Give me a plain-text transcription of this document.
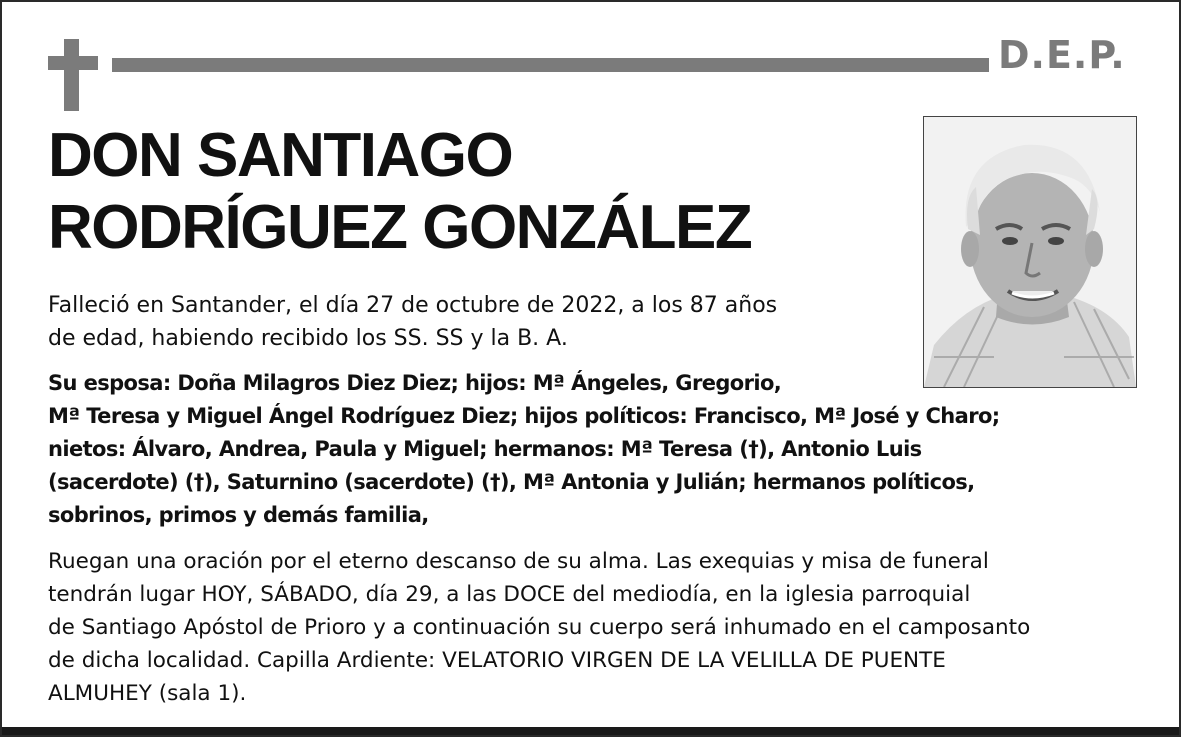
D.E.P.
DON SANTIAGO
RODRÍGUEZ GONZÁLEZ
Falleció en Santander, el día 27 de octubre de 2022, a los 87 años
de edad, habiendo recibido los SS. SS y la B. A.
Su esposa: Doña Milagros Diez Diez; hijos: Mª Ángeles, Gregorio,
Mª Teresa y Miguel Ángel Rodríguez Diez; hijos políticos: Francisco, Mª José y Charo;
nietos: Álvaro, Andrea, Paula y Miguel; hermanos: Mª Teresa (†), Antonio Luis
(sacerdote) (†), Saturnino (sacerdote) (†), Mª Antonia y Julián; hermanos políticos,
sobrinos, primos y demás familia,
Ruegan una oración por el eterno descanso de su alma. Las exequias y misa de funeral
tendrán lugar HOY, SÁBADO, día 29, a las DOCE del mediodía, en la iglesia parroquial
de Santiago Apóstol de Prioro y a continuación su cuerpo será inhumado en el camposanto
de dicha localidad. Capilla Ardiente: VELATORIO VIRGEN DE LA VELILLA DE PUENTE
ALMUHEY (sala 1).
